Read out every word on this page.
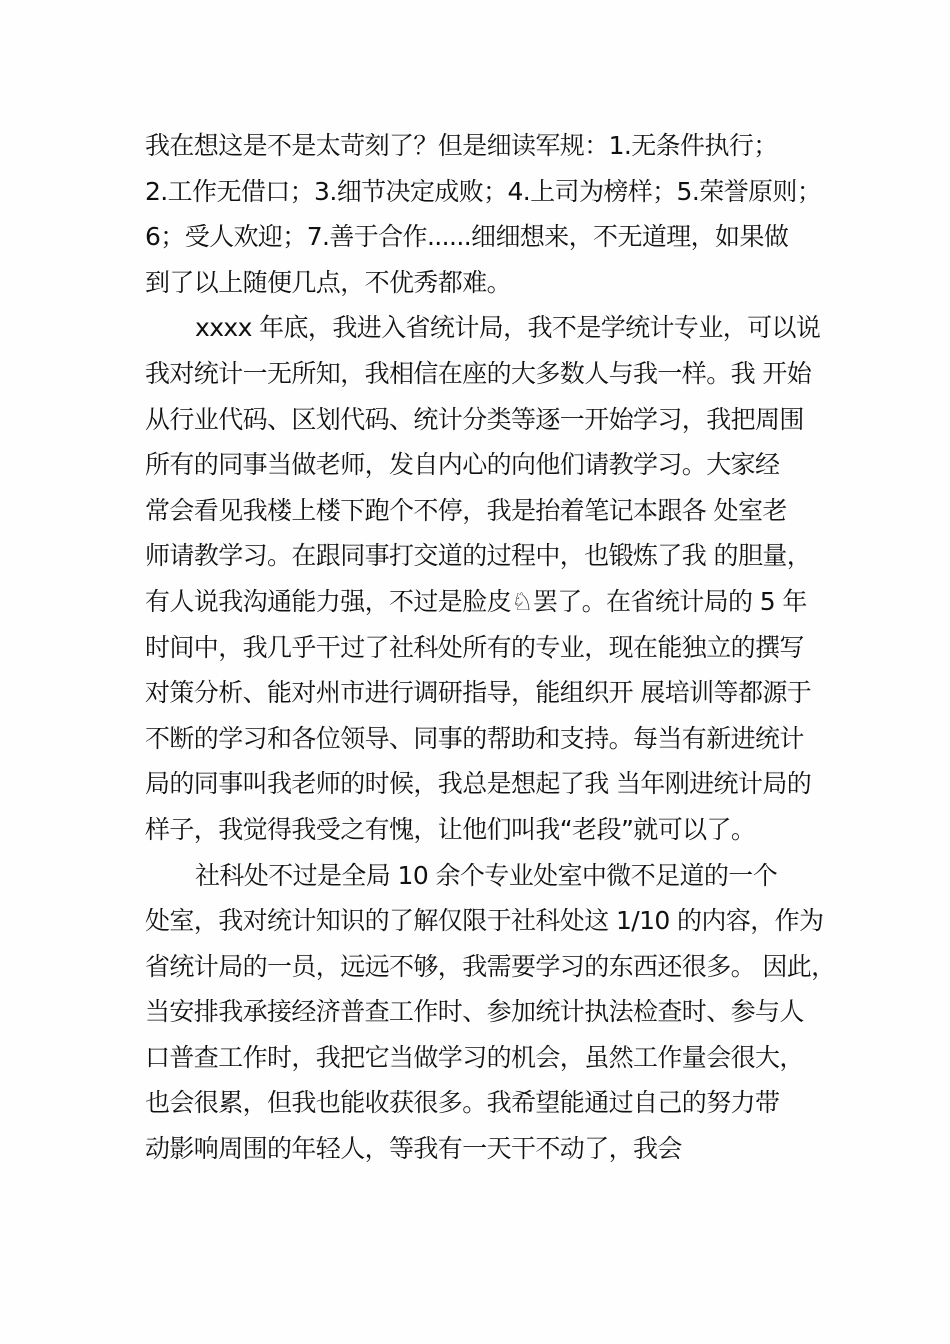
我在想这是不是太苛刻了？但是细读军规：1.无条件执行；
2.工作无借口；3.细节决定成败；4.上司为榜样；5.荣誉原则；
6；受人欢迎；7.善于合作......细细想来，不无道理，如果做
到了以上随便几点，不优秀都难。
xxxx 年底，我进入省统计局，我不是学统计专业，可以说
我对统计一无所知，我相信在座的大多数人与我一样。我 开始
从行业代码、区划代码、统计分类等逐一开始学习，我把周围
所有的同事当做老师，发自内心的向他们请教学习。大家经
常会看见我楼上楼下跑个不停，我是抬着笔记本跟各 处室老
师请教学习。在跟同事打交道的过程中，也锻炼了我 的胆量，
有人说我沟通能力强，不过是脸皮♘罢了。在省统计局的 5 年
时间中，我几乎干过了社科处所有的专业，现在能独立的撰写
对策分析、能对州市进行调研指导，能组织开 展培训等都源于
不断的学习和各位领导、同事的帮助和支持。每当有新进统计
局的同事叫我老师的时候，我总是想起了我 当年刚进统计局的
样子，我觉得我受之有愧，让他们叫我“老段”就可以了。
社科处不过是全局 10 余个专业处室中微不足道的一个
处室，我对统计知识的了解仅限于社科处这 1/10 的内容，作为
省统计局的一员，远远不够，我需要学习的东西还很多。 因此，
当安排我承接经济普查工作时、参加统计执法检查时、参与人
口普查工作时，我把它当做学习的机会，虽然工作量会很大，
也会很累，但我也能收获很多。我希望能通过自己的努力带
动影响周围的年轻人，等我有一天干不动了，我会
